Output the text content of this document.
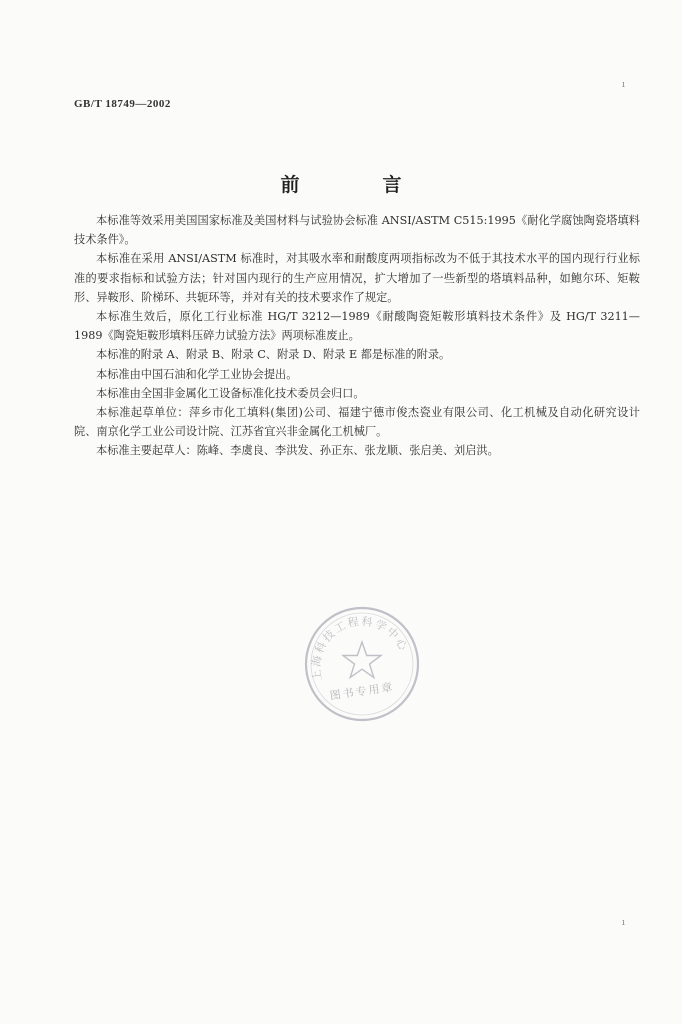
ı
GB/T 18749—2002
前　言

本标准等效采用美国国家标准及美国材料与试验协会标准 ANSI/ASTM C515:1995《耐化学腐蚀陶瓷塔填料技术条件》。

本标准在采用 ANSI/ASTM 标准时，对其吸水率和耐酸度两项指标改为不低于其技术水平的国内现行行业标准的要求指标和试验方法；针对国内现行的生产应用情况，扩大增加了一些新型的塔填料品种，如鲍尔环、矩鞍形、异鞍形、阶梯环、共轭环等，并对有关的技术要求作了规定。

本标准生效后，原化工行业标准 HG/T 3212—1989《耐酸陶瓷矩鞍形填料技术条件》及 HG/T 3211—1989《陶瓷矩鞍形填料压碎力试验方法》两项标准废止。

本标准的附录 A、附录 B、附录 C、附录 D、附录 E 都是标准的附录。

本标准由中国石油和化学工业协会提出。

本标准由全国非金属化工设备标准化技术委员会归口。

本标准起草单位：萍乡市化工填料(集团)公司、福建宁德市俊杰瓷业有限公司、化工机械及自动化研究设计院、南京化学工业公司设计院、江苏省宜兴非金属化工机械厂。

本标准主要起草人：陈峰、李虞良、李洪发、孙正东、张龙顺、张启美、刘启洪。

上海科技工程科学中心
图书专用章
ı
